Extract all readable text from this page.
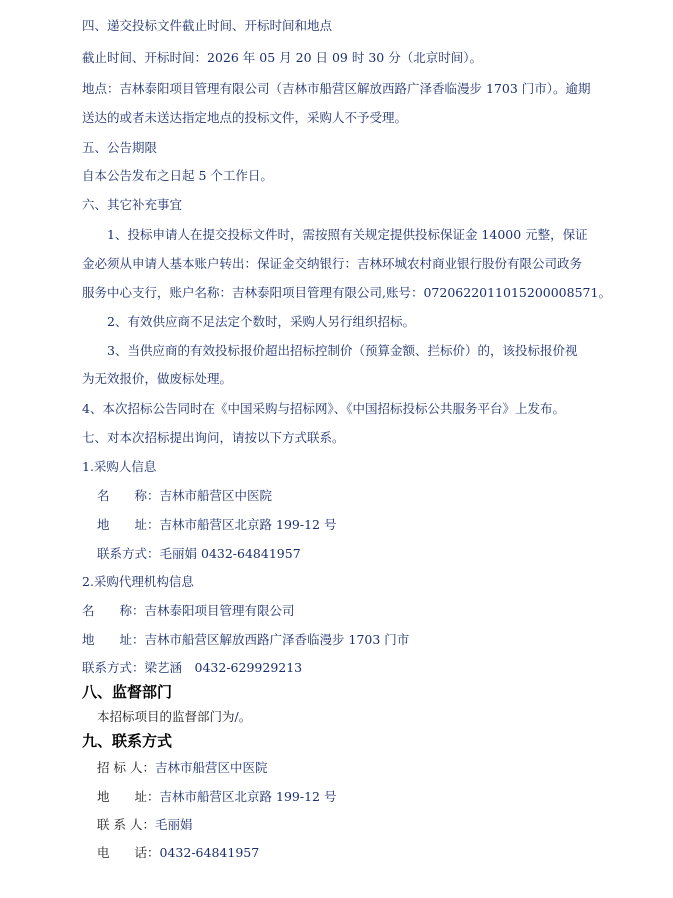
四、递交投标文件截止时间、开标时间和地点
截止时间、开标时间：2026 年 05 月 20 日 09 时 30 分（北京时间）。
地点：吉林泰阳项目管理有限公司（吉林市船营区解放西路广泽香临漫步 1703 门市）。逾期
送达的或者未送达指定地点的投标文件，采购人不予受理。
五、公告期限
自本公告发布之日起 5 个工作日。
六、其它补充事宜
1、投标申请人在提交投标文件时，需按照有关规定提供投标保证金 14000 元整，保证
金必须从申请人基本账户转出：保证金交纳银行：吉林环城农村商业银行股份有限公司政务
服务中心支行，账户名称：吉林泰阳项目管理有限公司,账号：07206220110152000085​71。
2、有效供应商不足法定个数时，采购人另行组织招标。
3、当供应商的有效投标报价超出招标控制价（预算金额、拦标价）的，该投标报价视
为无效报价，做废标处理。
4、本次招标公告同时在《中国采购与招标网》、《中国招标投标公共服务平台》上发布。
七、对本次招标提出询问，请按以下方式联系。
1.采购人信息
名　　称：吉林市船营区中医院
地　　址：吉林市船营区北京路 199-12 号
联系方式：毛丽娟 0432-64841957
2.采购代理机构信息
名　　称：吉林泰阳项目管理有限公司
地　　址：吉林市船营区解放西路广泽香临漫步 1703 门市
联系方式：梁艺涵　0432-629929213
八、监督部门
本招标项目的监督部门为/。
九、联系方式
招 标 人：吉林市船营区中医院
地　　址：吉林市船营区北京路 199-12 号
联 系 人：毛丽娟
电　　话：0432-64841957
